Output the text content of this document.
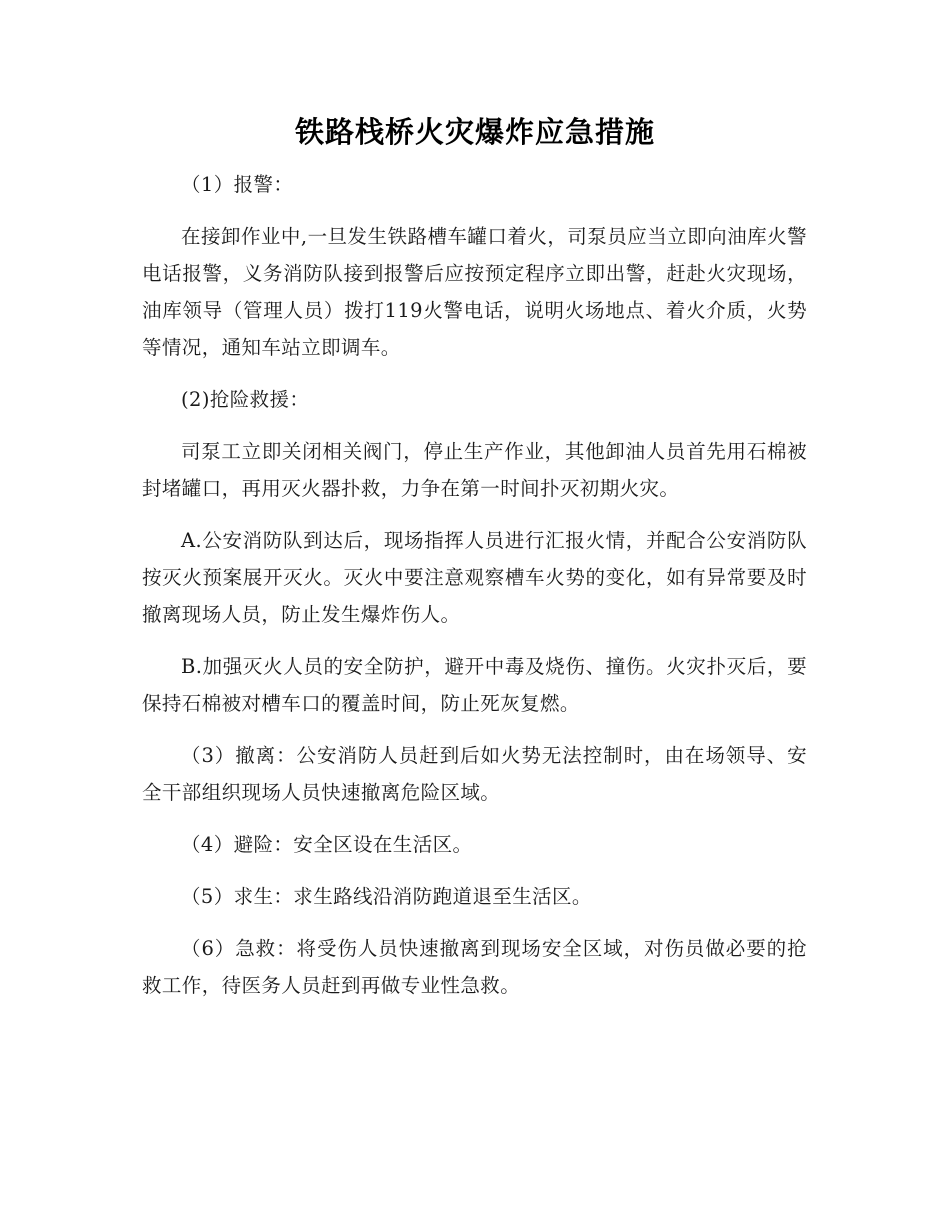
铁路栈桥火灾爆炸应急措施

（1）报警：

在接卸作业中,一旦发生铁路槽车罐口着火，司泵员应当立即向油库火警电话报警，义务消防队接到报警后应按预定程序立即出警，赶赴火灾现场，油库领导（管理人员）拨打119火警电话，说明火场地点、着火介质，火势等情况，通知车站立即调车。

(2)抢险救援：

司泵工立即关闭相关阀门，停止生产作业，其他卸油人员首先用石棉被封堵罐口，再用灭火器扑救，力争在第一时间扑灭初期火灾。

A.公安消防队到达后，现场指挥人员进行汇报火情，并配合公安消防队按灭火预案展开灭火。灭火中要注意观察槽车火势的变化，如有异常要及时撤离现场人员，防止发生爆炸伤人。

B.加强灭火人员的安全防护，避开中毒及烧伤、撞伤。火灾扑灭后，要保持石棉被对槽车口的覆盖时间，防止死灰复燃。

（3）撤离：公安消防人员赶到后如火势无法控制时，由在场领导、安全干部组织现场人员快速撤离危险区域。

（4）避险：安全区设在生活区。

（5）求生：求生路线沿消防跑道退至生活区。

（6）急救：将受伤人员快速撤离到现场安全区域，对伤员做必要的抢救工作，待医务人员赶到再做专业性急救。
